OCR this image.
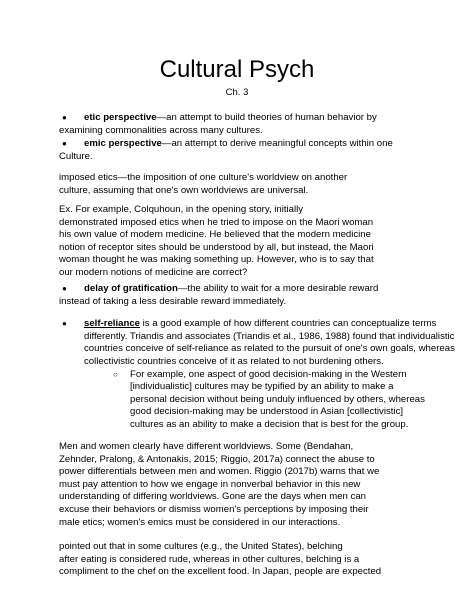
Cultural Psych
Ch. 3
● etic perspective—an attempt to build theories of human behavior by
examining commonalities across many cultures.
● emic perspective—an attempt to derive meaningful concepts within one
Culture.
imposed etics—the imposition of one culture's worldview on another
culture, assuming that one's own worldviews are universal.
Ex. For example, Colquhoun, in the opening story, initially
demonstrated imposed etics when he tried to impose on the Maori woman
his own value of modern medicine. He believed that the modern medicine
notion of receptor sites should be understood by all, but instead, the Maori
woman thought he was making something up. However, who is to say that
our modern notions of medicine are correct?
● delay of gratification—the ability to wait for a more desirable reward
instead of taking a less desirable reward immediately.
● self-reliance is a good example of how different countries can conceptualize terms
differently. Triandis and associates (Triandis et al., 1986, 1988) found that individualistic
countries conceive of self-reliance as related to the pursuit of one's own goals, whereas
collectivistic countries conceive of it as related to not burdening others.
○ For example, one aspect of good decision-making in the Western
[individualistic] cultures may be typified by an ability to make a
personal decision without being unduly influenced by others, whereas
good decision-making may be understood in Asian [collectivistic]
cultures as an ability to make a decision that is best for the group.
Men and women clearly have different worldviews. Some (Bendahan,
Zehnder, Pralong, & Antonakis, 2015; Riggio, 2017a) connect the abuse to
power differentials between men and women. Riggio (2017b) warns that we
must pay attention to how we engage in nonverbal behavior in this new
understanding of differing worldviews. Gone are the days when men can
excuse their behaviors or dismiss women's perceptions by imposing their
male etics; women's emics must be considered in our interactions.
pointed out that in some cultures (e.g., the United States), belching
after eating is considered rude, whereas in other cultures, belching is a
compliment to the chef on the excellent food. In Japan, people are expected
